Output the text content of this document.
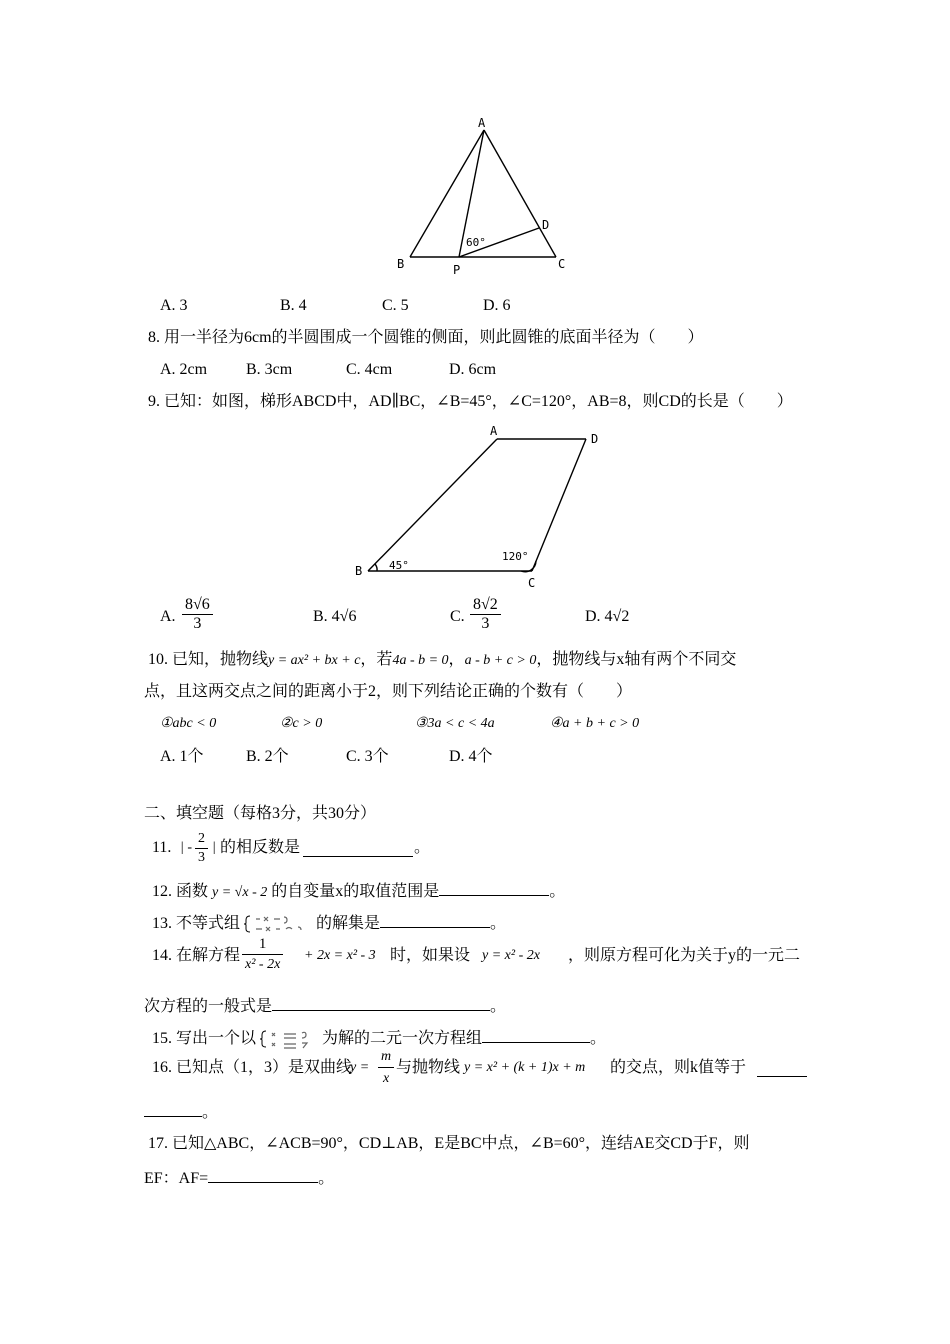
A
B	C
D
P
60°
A. 3	B. 4	C. 5	D. 6
8. 用一半径为6cm的半圆围成一个圆锥的侧面，则此圆锥的底面半径为（　　）
A. 2cm B. 3cm	C. 4cm	D. 6cm
9. 已知：如图，梯形ABCD中，AD∥BC，∠B=45°，∠C=120°，AB=8，则CD的长是（　　）
A
D
B
C
45°
120°
A. $\frac{8√6}{3}$	B. 4√6	C. $\frac{8√2}{3}$	D. 4√2
10. 已知，抛物线y = ax² + bx + c，若4a - b = 0，a - b + c > 0，抛物线与x轴有两个不同交
点，且这两交点之间的距离小于2，则下列结论正确的个数有（　　）
①abc < 0	②c > 0	③3a < c < 4a	④a + b + c > 0
A. 1个	B. 2个	C. 3个	D. 4个
二、填空题（每格3分，共30分）
11. | - $\frac{2}{3}$ | 的相反数是	。
12. 函数 y = √x - 2 的自变量x的取值范围是	。
13. 不等式组	的解集是	。
14. 在解方程 $\frac{1}{\text{x² - 2x}} + 2x = x^2 - 3$ 时，如果设 y = x² - 2x ，则原方程可化为关于y的一元二
次方程的一般式是	。
15. 写出一个以	为解的二元一次方程组	。
16. 已知点（1，3）是双曲线
$y = \frac{m}{x}$ 与抛物线 y = x² + (k + 1)x + m 的交点，则k值等于
。
17. 已知△ABC，∠ACB=90°，CD⊥AB，E是BC中点，∠B=60°，连结AE交CD于F，则
EF：AF=	。
